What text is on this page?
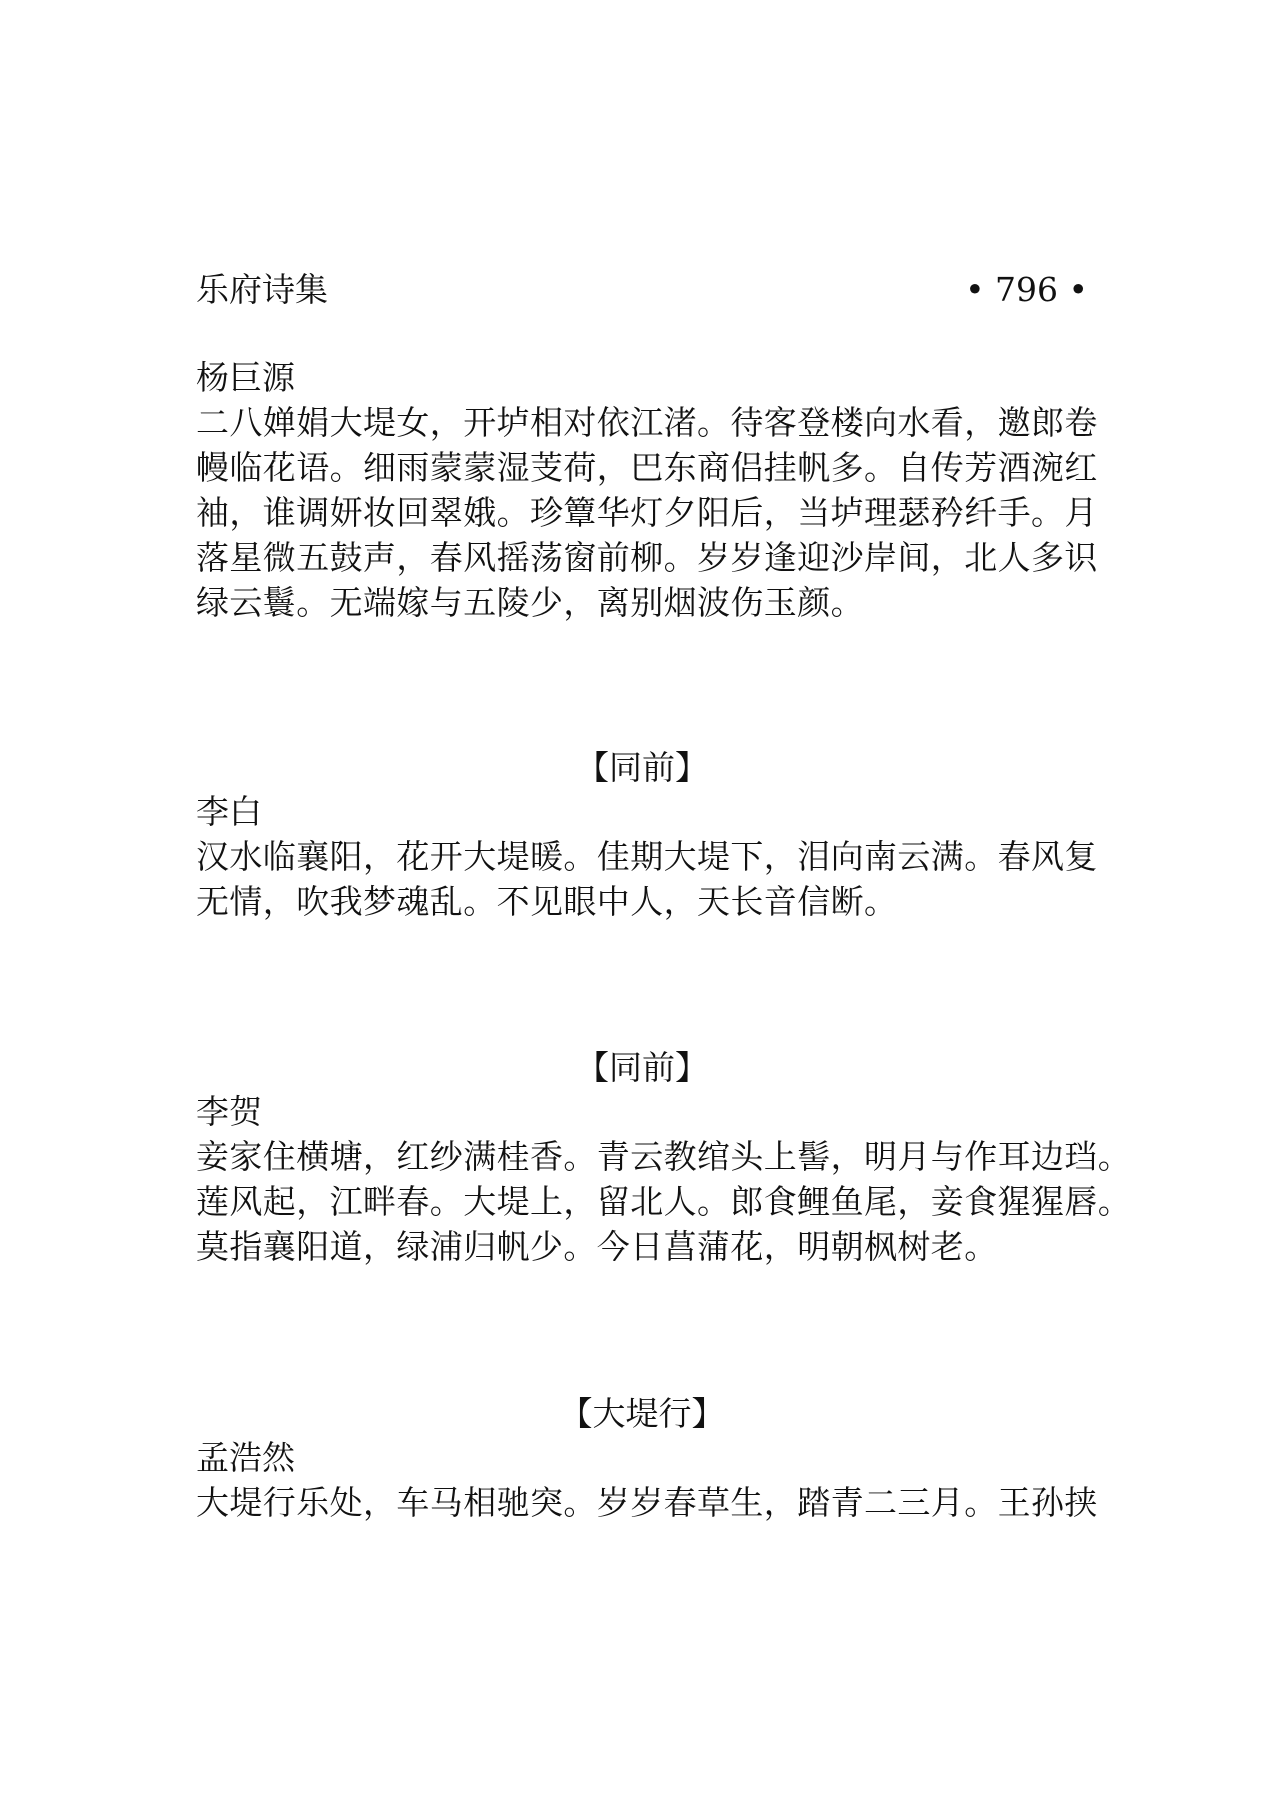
乐府诗集	• 796 •
杨巨源

二八婵娟大堤女，开垆相对依江渚。待客登楼向水看，邀郎卷
幔临花语。细雨蒙蒙湿芰荷，巴东商侣挂帆多。自传芳酒涴红
袖，谁调妍妆回翠娥。珍簟华灯夕阳后，当垆理瑟矜纤手。月
落星微五鼓声，春风摇荡窗前柳。岁岁逢迎沙岸间，北人多识
绿云鬟。无端嫁与五陵少，离别烟波伤玉颜。

【同前】
李白

汉水临襄阳，花开大堤暖。佳期大堤下，泪向南云满。春风复
无情，吹我梦魂乱。不见眼中人，天长音信断。

【同前】
李贺

妾家住横塘，红纱满桂香。青云教绾头上髻，明月与作耳边珰。
莲风起，江畔春。大堤上，留北人。郎食鲤鱼尾，妾食猩猩唇。
莫指襄阳道，绿浦归帆少。今日菖蒲花，明朝枫树老。

【大堤行】
孟浩然

大堤行乐处，车马相驰突。岁岁春草生，踏青二三月。王孙挟
